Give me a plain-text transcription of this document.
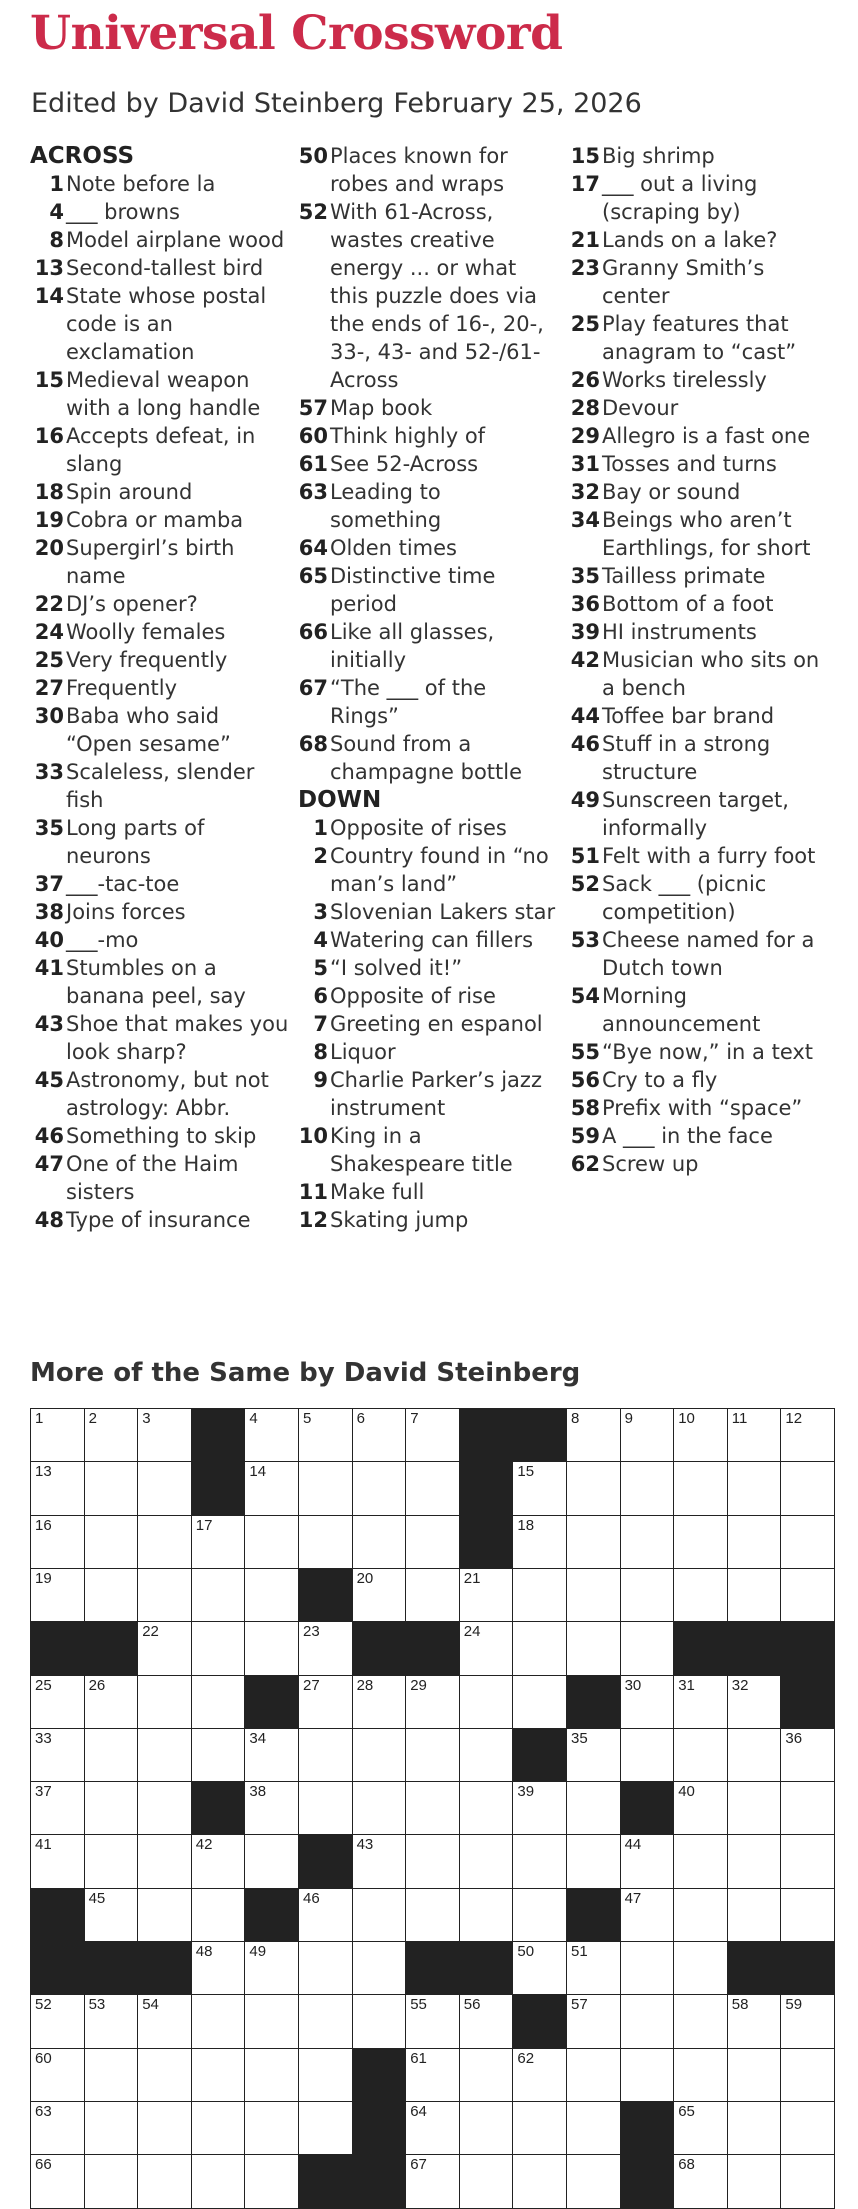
Universal Crossword
Edited by David Steinberg February 25, 2026
ACROSS
1 Note before la
4 ___ browns
8 Model airplane wood
13 Second-tallest bird
14 State whose postal code is an exclamation
15 Medieval weapon with a long handle
16 Accepts defeat, in slang
18 Spin around
19 Cobra or mamba
20 Supergirl’s birth name
22 DJ’s opener?
24 Woolly females
25 Very frequently
27 Frequently
30 Baba who said “Open sesame”
33 Scaleless, slender fish
35 Long parts of neurons
37 ___-tac-toe
38 Joins forces
40 ___-mo
41 Stumbles on a banana peel, say
43 Shoe that makes you look sharp?
45 Astronomy, but not astrology: Abbr.
46 Something to skip
47 One of the Haim sisters
48 Type of insurance
50 Places known for robes and wraps
52 With 61-Across, wastes creative energy ... or what this puzzle does via the ends of 16-, 20-, 33-, 43- and 52-/61-Across
57 Map book
60 Think highly of
61 See 52-Across
63 Leading to something
64 Olden times
65 Distinctive time period
66 Like all glasses, initially
67 “The ___ of the Rings”
68 Sound from a champagne bottle
DOWN
1 Opposite of rises
2 Country found in “no man’s land”
3 Slovenian Lakers star
4 Watering can fillers
5 “I solved it!”
6 Opposite of rise
7 Greeting en espanol
8 Liquor
9 Charlie Parker’s jazz instrument
10 King in a Shakespeare title
11 Make full
12 Skating jump
15 Big shrimp
17 ___ out a living (scraping by)
21 Lands on a lake?
23 Granny Smith’s center
25 Play features that anagram to “cast”
26 Works tirelessly
28 Devour
29 Allegro is a fast one
31 Tosses and turns
32 Bay or sound
34 Beings who aren’t Earthlings, for short
35 Tailless primate
36 Bottom of a foot
39 HI instruments
42 Musician who sits on a bench
44 Toffee bar brand
46 Stuff in a strong structure
49 Sunscreen target, informally
51 Felt with a furry foot
52 Sack ___ (picnic competition)
53 Cheese named for a Dutch town
54 Morning announcement
55 “Bye now,” in a text
56 Cry to a fly
58 Prefix with “space”
59 A ___ in the face
62 Screw up
More of the Same by David Steinberg
1	2	3	4	5	6	7	8	9	10 11	12
13	14	15
16	17	18
19	20	21
22	23	24
25 26	27 28 29	30 31 32
33	34	35	36
37	38	39	40
41	42	43	44
45	46	47
48 49	50 51
52 53 54	55 56	57	58 59
60	61	62
63	64	65
66	67	68
